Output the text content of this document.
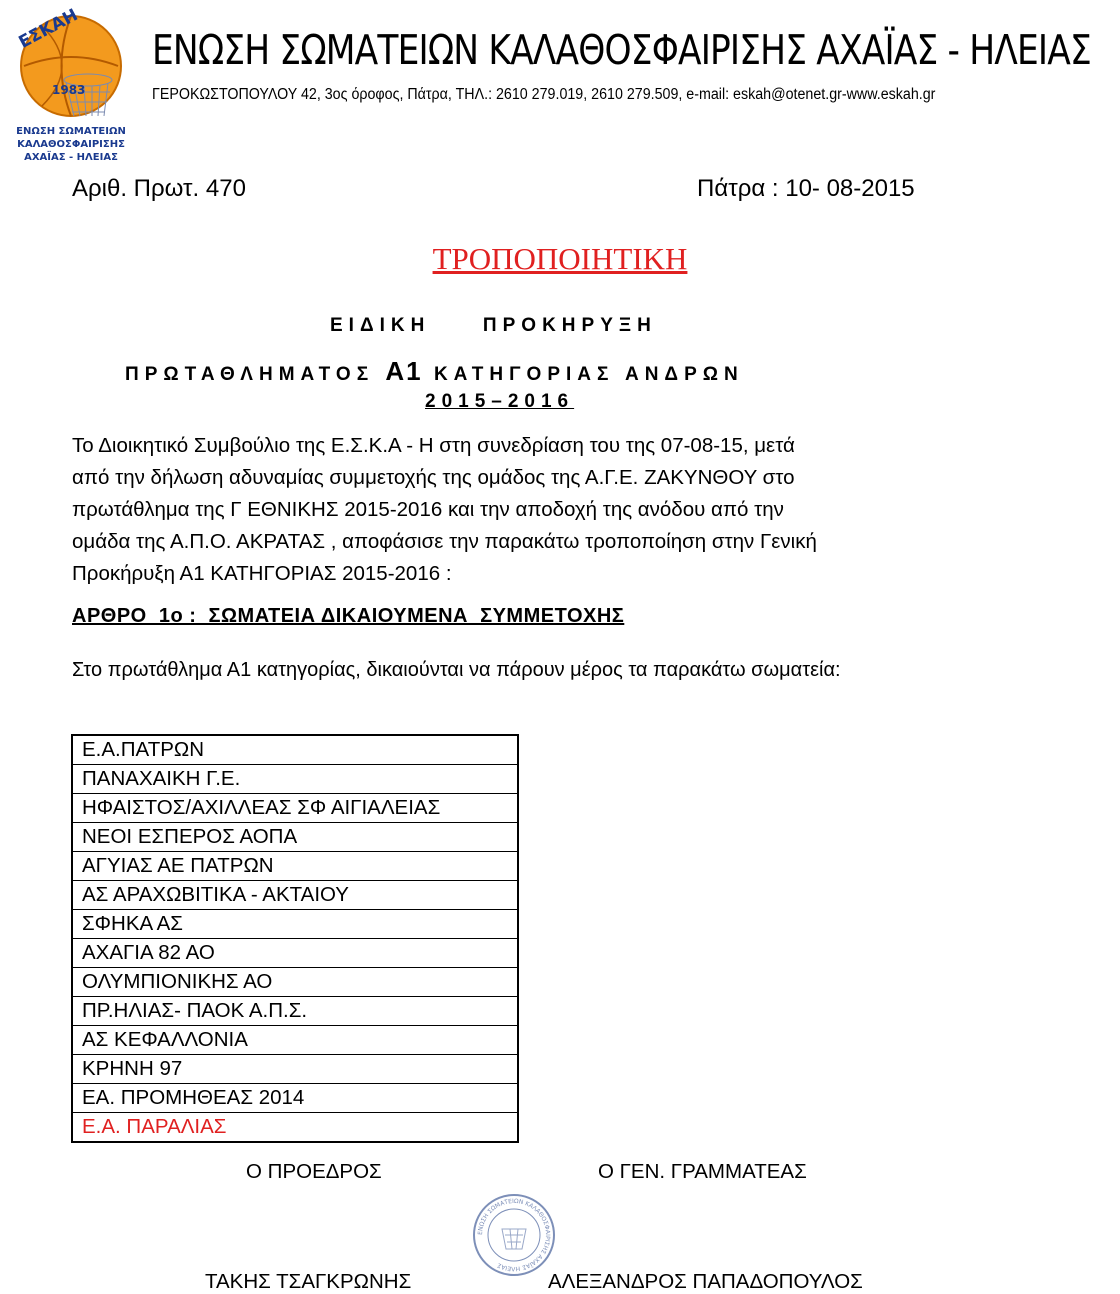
ΕΣΚΑΗ
1983
ΕΝΩΣΗ ΣΩΜΑΤΕΙΩΝ
ΚΑΛΑΘΟΣΦΑΙΡΙΣΗΣ
ΑΧΑΪΑΣ - ΗΛΕΙΑΣ
ΕΝΩΣΗ ΣΩΜΑΤΕΙΩΝ ΚΑΛΑΘΟΣΦΑΙΡΙΣΗΣ ΑΧΑΪΑΣ - ΗΛΕΙΑΣ
ΓΕΡΟΚΩΣΤΟΠΟΥΛΟΥ 42, 3ος όροφος, Πάτρα, ΤΗΛ.: 2610 279.019, 2610 279.509, e-mail: eskah@otenet.gr-www.eskah.gr
Αριθ. Πρωτ. 470	Πάτρα : 10- 08-2015
ΤΡΟΠΟΠΟΙΗΤΙΚΗ
ΕΙΔΙΚΗ	ΠΡΟΚΗΡΥΞΗ
ΠΡΩΤΑΘΛΗΜΑΤΟΣ Α1 ΚΑΤΗΓΟΡΙΑΣ ΑΝΔΡΩΝ
2015–2016
Το Διοικητικό Συμβούλιο της Ε.Σ.Κ.Α - Η στη συνεδρίαση του της 07-08-15, μετά
από την δήλωση αδυναμίας συμμετοχής της ομάδος της Α.Γ.Ε. ΖΑΚΥΝΘΟΥ στο
πρωτάθλημα της Γ ΕΘΝΙΚΗΣ 2015-2016 και την αποδοχή της ανόδου από την
ομάδα της Α.Π.Ο. ΑΚΡΑΤΑΣ , αποφάσισε την παρακάτω τροποποίηση στην Γενική
Προκήρυξη Α1 ΚΑΤΗΓΟΡΙΑΣ 2015-2016 :
ΑΡΘΡΟ  1ο :  ΣΩΜΑΤΕΙΑ ΔΙΚΑΙΟΥΜΕΝΑ  ΣΥΜΜΕΤΟΧΗΣ
Στο πρωτάθλημα Α1 κατηγορίας, δικαιούνται να πάρουν μέρος τα παρακάτω σωματεία:
Ε.Α.ΠΑΤΡΩΝ
ΠΑΝΑΧΑΙΚΗ Γ.Ε.
ΗΦΑΙΣΤΟΣ/ΑΧΙΛΛΕΑΣ ΣΦ ΑΙΓΙΑΛΕΙΑΣ
ΝΕΟΙ ΕΣΠΕΡΟΣ ΑΟΠΑ
ΑΓΥΙΑΣ ΑΕ ΠΑΤΡΩΝ
ΑΣ ΑΡΑΧΩΒΙΤΙΚΑ - ΑΚΤΑΙΟΥ
ΣΦΗΚΑ ΑΣ
ΑΧΑΓΙΑ 82 ΑΟ
ΟΛΥΜΠΙΟΝΙΚΗΣ ΑΟ
ΠΡ.ΗΛΙΑΣ- ΠΑΟΚ Α.Π.Σ.
ΑΣ ΚΕΦΑΛΛΟΝΙΑ
ΚΡΗΝΗ 97
ΕΑ. ΠΡΟΜΗΘΕΑΣ 2014
Ε.Α. ΠΑΡΑΛΙΑΣ
Ο ΠΡΟΕΔΡΟΣ	Ο ΓΕΝ. ΓΡΑΜΜΑΤΕΑΣ
ΕΝΩΣΗ ΣΩΜΑΤΕΙΩΝ ΚΑΛΑΘΟΣΦΑΙΡΙΣΗΣ ΑΧΑΪΑΣ ΗΛΕΙΑΣ
ΤΑΚΗΣ ΤΣΑΓΚΡΩΝΗΣ	ΑΛΕΞΑΝΔΡΟΣ ΠΑΠΑΔΟΠΟΥΛΟΣ
